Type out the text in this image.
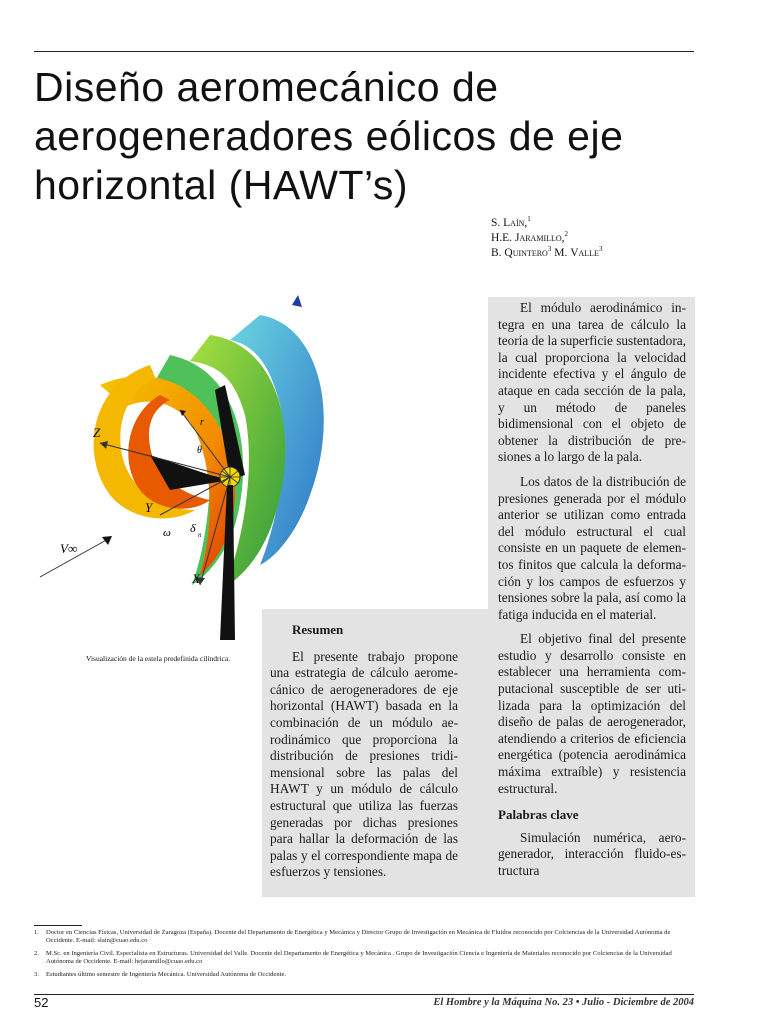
Diseño aeromecánico de
aerogeneradores eólicos de eje
horizontal (HAWT’s)
S. Laín,$^1$
H.E. Jaramillo,$^2$
B. Quintero$^3$ M. Valle$^3$
Z
Y
X
V∞
r
θ
ω δ n
Visualización de la estela predefinida cilíndrica.

El módulo aerodinámico integra en una tarea de cálculo la teoría de la superficie sustentadora, la cual proporciona la velocidad incidente efectiva y el ángulo de ataque en cada sección de la pala, y un método de paneles bidimensional con el objeto de obtener la distribución de presiones a lo largo de la pala.

Los datos de la distribución de presiones generada por el módulo anterior se utilizan como entrada del módulo estructural el cual consiste en un paquete de elementos finitos que calcula la deformación y los campos de esfuerzos y tensiones sobre la pala, así como la fatiga inducida en el material.

El objetivo final del presente estudio y desarrollo consiste en establecer una herramienta computacional susceptible de ser utilizada para la optimización del diseño de palas de aerogenerador, atendiendo a criterios de eficiencia energética (potencia aerodinámica máxima extraíble) y resistencia estructural.

Palabras clave

Simulación numérica, aerogenerador, interacción fluido-estructura

Resumen

El presente trabajo propone una estrategia de cálculo aeromecánico de aerogeneradores de eje horizontal (HAWT) basada en la combinación de un módulo aerodinámico que proporciona la distribución de presiones tridimensional sobre las palas del HAWT y un módulo de cálculo estructural que utiliza las fuerzas generadas por dichas presiones para hallar la deformación de las palas y el correspondiente mapa de esfuerzos y tensiones.

1.	Doctor en Ciencias Físicas, Universidad de Zaragoza (España). Docente del Departamento de Energética y Mecánica y Director Grupo de Investigación en Mecánica de Fluidos reconocido por Colciencias de la Universidad Autónoma de Occidente. E-mail: slain@cuao.edu.co
2.	M.Sc. en Ingeniería Civil. Especialista en Estructuras. Universidad del Valle. Docente del Departamento de Energética y Mecánica . Grupo de Investigación Ciencia e Ingeniería de Materiales reconocido por Colciencias de la Universidad Autónoma de Occidente. E-mail: hejaramillo@cuao.edu.co
3.	Estudiantes último semestre de Ingeniería Mecánica. Universidad Autónoma de Occidente.
52	El Hombre y la Máquina No. 23 • Julio - Diciembre de 2004
